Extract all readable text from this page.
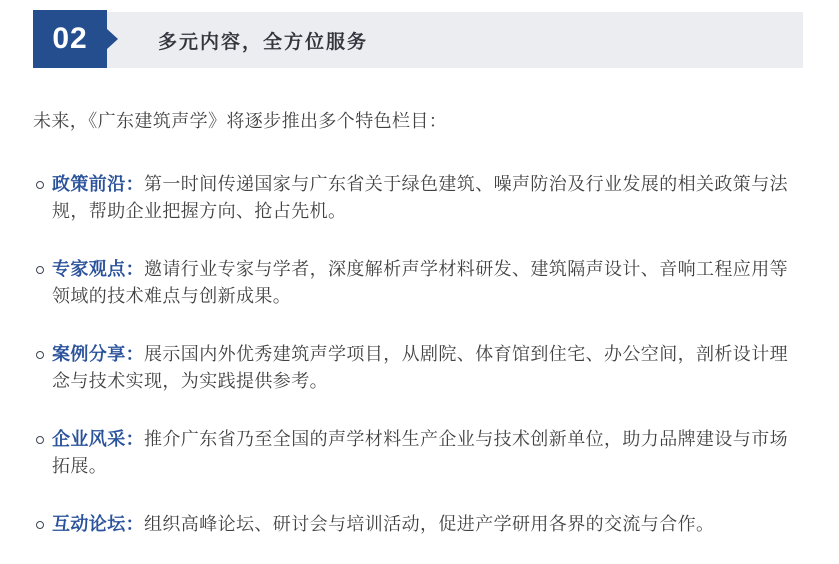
02	多元内容，全方位服务

未来，《广东建筑声学》将逐步推出多个特色栏目：

政策前沿：第一时间传递国家与广东省关于绿色建筑、噪声防治及行业发展的相关政策与法规，帮助企业把握方向、抢占先机。
专家观点：邀请行业专家与学者，深度解析声学材料研发、建筑隔声设计、音响工程应用等领域的技术难点与创新成果。
案例分享：展示国内外优秀建筑声学项目，从剧院、体育馆到住宅、办公空间，剖析设计理念与技术实现，为实践提供参考。
企业风采：推介广东省乃至全国的声学材料生产企业与技术创新单位，助力品牌建设与市场拓展。
互动论坛：组织高峰论坛、研讨会与培训活动，促进产学研用各界的交流与合作。
